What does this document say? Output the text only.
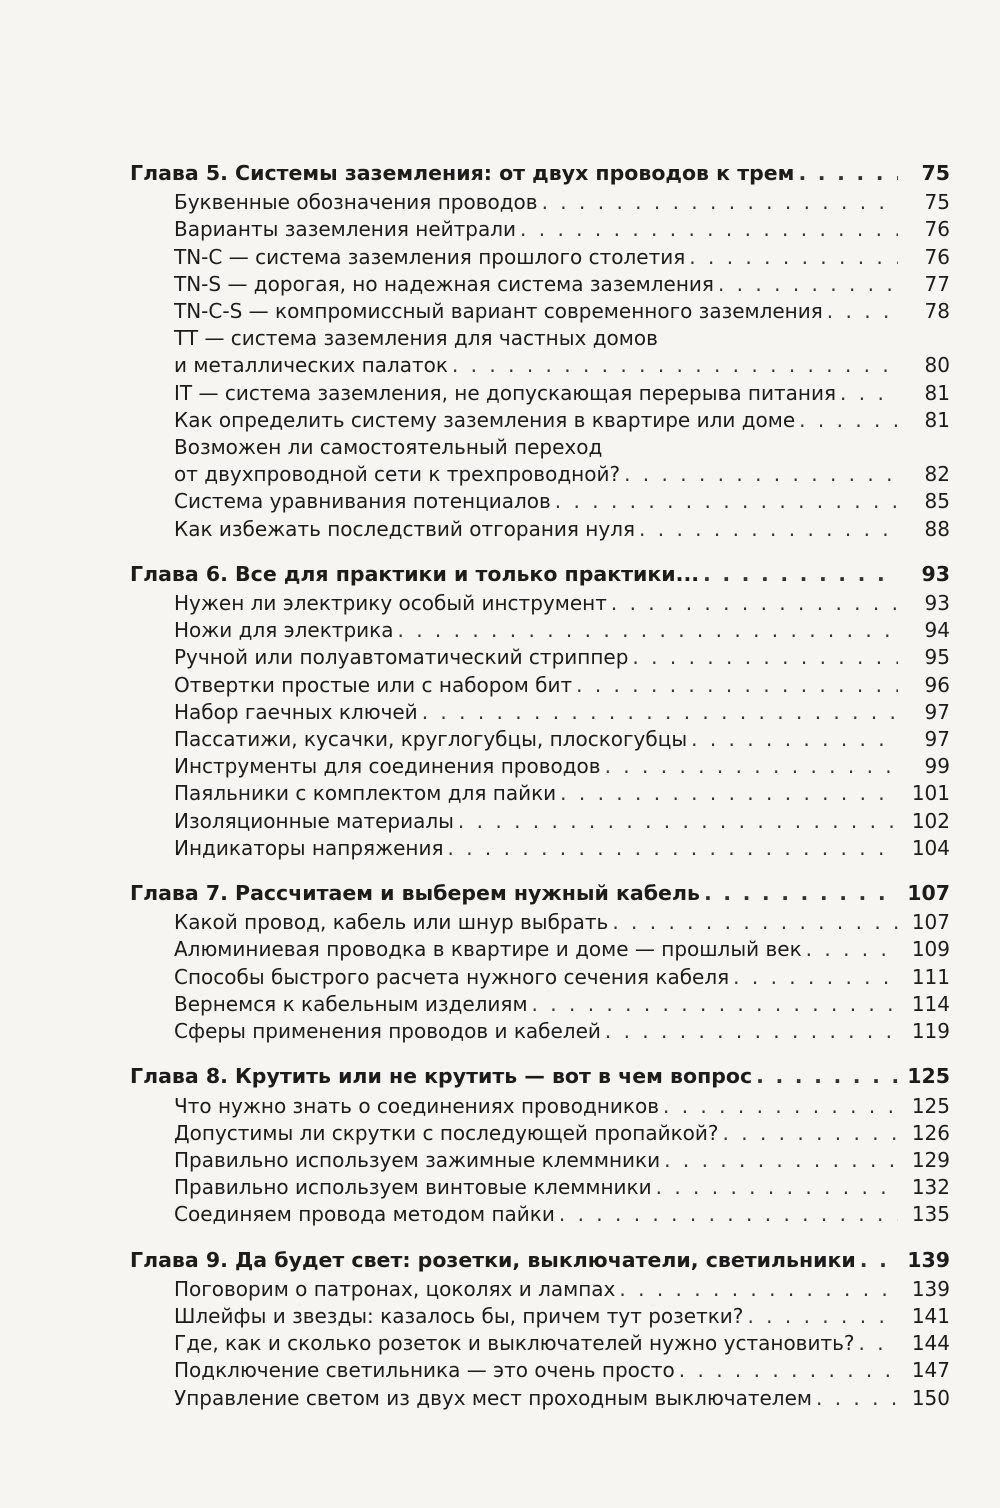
Глава 5. Системы заземления: от двух проводов к трем . . .	75
Буквенные обозначения проводов . . .	75
Варианты заземления нейтрали . . .	76
TN-C — система заземления прошлого столетия . . .	76
TN-S — дорогая, но надежная система заземления . . .	77
TN-C-S — компромиссный вариант современного заземления . . .	78
TT — система заземления для частных домов
и металлических палаток . . .	80
IT — система заземления, не допускающая перерыва питания . . .	81
Как определить систему заземления в квартире или доме . . .	81
Возможен ли самостоятельный переход
от двухпроводной сети к трехпроводной? . . .	82
Система уравнивания потенциалов . . .	85
Как избежать последствий отгорания нуля . . .	88
Глава 6. Все для практики и только практики... . . .	93
Нужен ли электрику особый инструмент . . .	93
Ножи для электрика . . .	94
Ручной или полуавтоматический стриппер . . .	95
Отвертки простые или с набором бит . . .	96
Набор гаечных ключей . . .	97
Пассатижи, кусачки, круглогубцы, плоскогубцы . . .	97
Инструменты для соединения проводов . . .	99
Паяльники с комплектом для пайки . . .	101
Изоляционные материалы . . .	102
Индикаторы напряжения . . .	104
Глава 7. Рассчитаем и выберем нужный кабель . . .	107
Какой провод, кабель или шнур выбрать . . .	107
Алюминиевая проводка в квартире и доме — прошлый век . . .	109
Способы быстрого расчета нужного сечения кабеля . . .	111
Вернемся к кабельным изделиям . . .	114
Сферы применения проводов и кабелей . . .	119
Глава 8. Крутить или не крутить — вот в чем вопрос . . .	125
Что нужно знать о соединениях проводников . . .	125
Допустимы ли скрутки с последующей пропайкой? . . .	126
Правильно используем зажимные клеммники . . .	129
Правильно используем винтовые клеммники . . .	132
Соединяем провода методом пайки . . .	135
Глава 9. Да будет свет: розетки, выключатели, светильники . . .	139
Поговорим о патронах, цоколях и лампах . . .	139
Шлейфы и звезды: казалось бы, причем тут розетки? . . .	141
Где, как и сколько розеток и выключателей нужно установить? . . .	144
Подключение светильника — это очень просто . . .	147
Управление светом из двух мест проходным выключателем . . .	150
